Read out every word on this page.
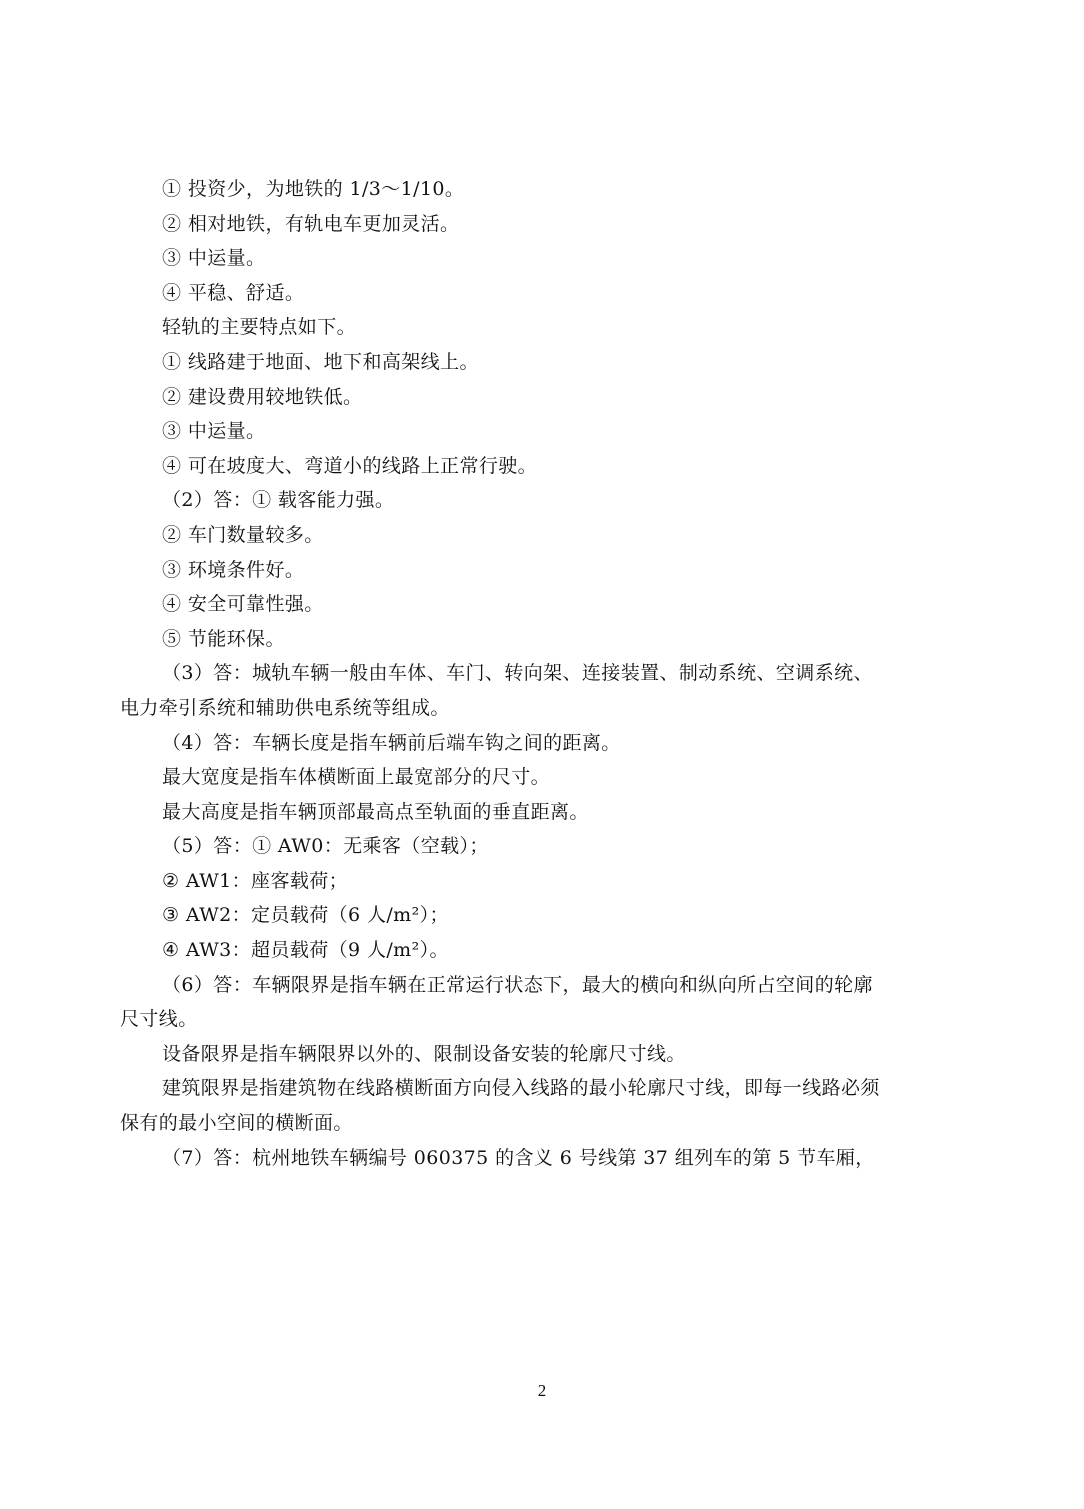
① 投资少，为地铁的 1/3～1/10。
② 相对地铁，有轨电车更加灵活。
③ 中运量。
④ 平稳、舒适。
轻轨的主要特点如下。
① 线路建于地面、地下和高架线上。
② 建设费用较地铁低。
③ 中运量。
④ 可在坡度大、弯道小的线路上正常行驶。
（2）答：① 载客能力强。
② 车门数量较多。
③ 环境条件好。
④ 安全可靠性强。
⑤ 节能环保。
（3）答：城轨车辆一般由车体、车门、转向架、连接装置、制动系统、空调系统、
电力牵引系统和辅助供电系统等组成。
（4）答：车辆长度是指车辆前后端车钩之间的距离。
最大宽度是指车体横断面上最宽部分的尺寸。
最大高度是指车辆顶部最高点至轨面的垂直距离。
（5）答：① AW0：无乘客（空载）；
② AW1：座客载荷；
③ AW2：定员载荷（6 人/m²）；
④ AW3：超员载荷（9 人/m²）。
（6）答：车辆限界是指车辆在正常运行状态下，最大的横向和纵向所占空间的轮廓
尺寸线。
设备限界是指车辆限界以外的、限制设备安装的轮廓尺寸线。
建筑限界是指建筑物在线路横断面方向侵入线路的最小轮廓尺寸线，即每一线路必须
保有的最小空间的横断面。
（7）答：杭州地铁车辆编号 060375 的含义 6 号线第 37 组列车的第 5 节车厢，
2
